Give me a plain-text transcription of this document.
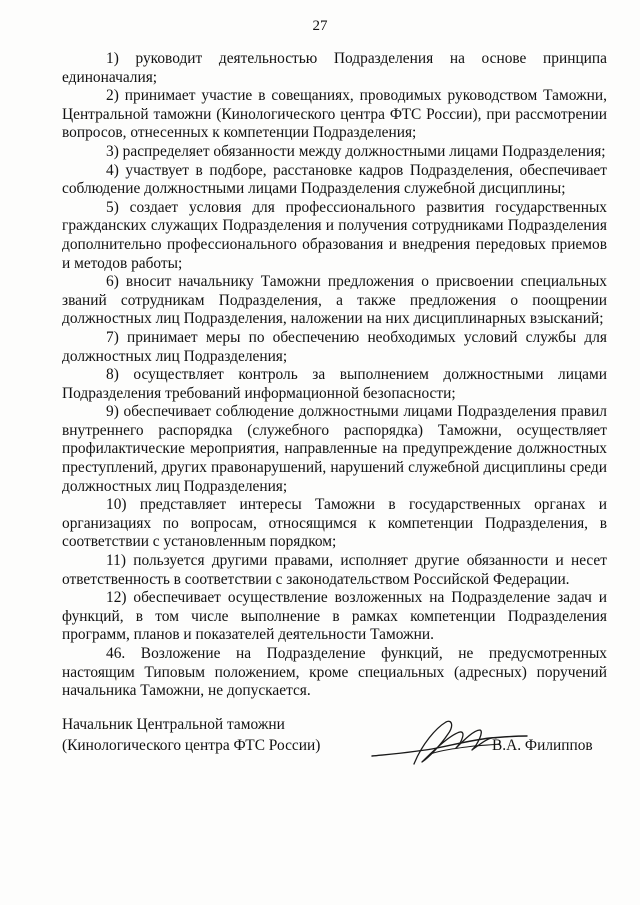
27

1) руководит деятельностью Подразделения на основе принципа единоначалия;

2) принимает участие в совещаниях, проводимых руководством Таможни, Центральной таможни (Кинологического центра ФТС России), при рассмотрении вопросов, отнесенных к компетенции Подразделения;

3) распределяет обязанности между должностными лицами Подразделения;

4) участвует в подборе, расстановке кадров Подразделения, обеспечивает соблюдение должностными лицами Подразделения служебной дисциплины;

5) создает условия для профессионального развития государственных гражданских служащих Подразделения и получения сотрудниками Подразделения дополнительно профессионального образования и внедрения передовых приемов и методов работы;

6) вносит начальнику Таможни предложения о присвоении специальных званий сотрудникам Подразделения, а также предложения о поощрении должностных лиц Подразделения, наложении на них дисциплинарных взысканий;

7) принимает меры по обеспечению необходимых условий службы для должностных лиц Подразделения;

8) осуществляет контроль за выполнением должностными лицами Подразделения требований информационной безопасности;

9) обеспечивает соблюдение должностными лицами Подразделения правил внутреннего распорядка (служебного распорядка) Таможни, осуществляет профилактические мероприятия, направленные на предупреждение должностных преступлений, других правонарушений, нарушений служебной дисциплины среди должностных лиц Подразделения;

10) представляет интересы Таможни в государственных органах и организациях по вопросам, относящимся к компетенции Подразделения, в соответствии с установленным порядком;

11) пользуется другими правами, исполняет другие обязанности и несет ответственность в соответствии с законодательством Российской Федерации.

12) обеспечивает осуществление возложенных на Подразделение задач и функций, в том числе выполнение в рамках компетенции Подразделения программ, планов и показателей деятельности Таможни.

46. Возложение на Подразделение функций, не предусмотренных настоящим Типовым положением, кроме специальных (адресных) поручений начальника Таможни, не допускается.

Начальник Центральной таможни
(Кинологического центра ФТС России)	В.А. Филиппов
